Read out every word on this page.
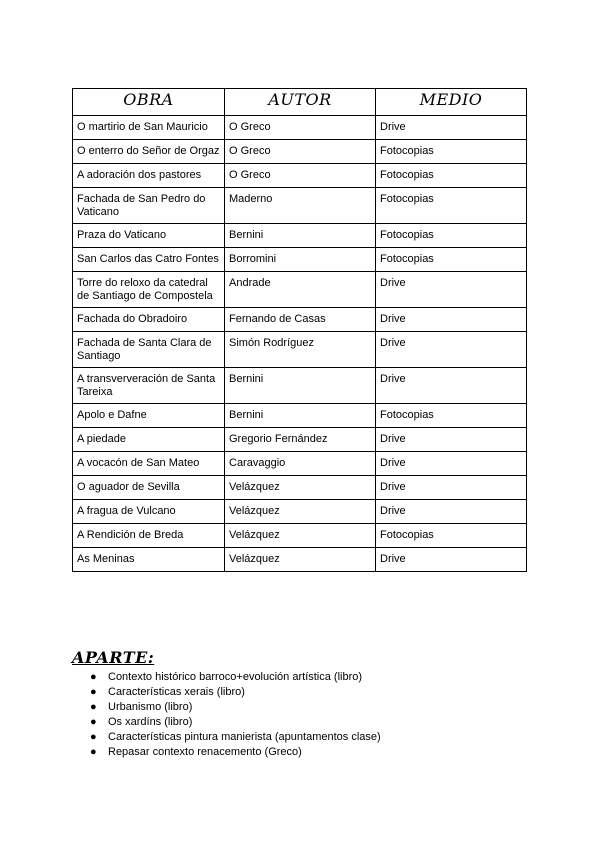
OBRA	AUTOR	MEDIO
O martirio de San Mauricio	O Greco	Drive
O enterro do Señor de Orgaz	O Greco	Fotocopias
A adoración dos pastores	O Greco	Fotocopias
Fachada de San Pedro do Vaticano	Maderno	Fotocopias
Praza do Vaticano	Bernini	Fotocopias
San Carlos das Catro Fontes	Borromini	Fotocopias
Torre do reloxo da catedral de Santiago de Compostela	Andrade	Drive
Fachada do Obradoiro	Fernando de Casas	Drive
Fachada de Santa Clara de Santiago	Simón Rodríguez	Drive
A transververación de Santa Tareixa	Bernini	Drive
Apolo e Dafne	Bernini	Fotocopias
A piedade	Gregorio Fernández	Drive
A vocacón de San Mateo	Caravaggio	Drive
O aguador de Sevilla	Velázquez	Drive
A fragua de Vulcano	Velázquez	Drive
A Rendición de Breda	Velázquez	Fotocopias
As Meninas	Velázquez	Drive
APARTE:
● Contexto histórico barroco+evolución artística (libro)
● Características xerais (libro)
● Urbanismo (libro)
● Os xardíns (libro)
● Características pintura manierista (apuntamentos clase)
● Repasar contexto renacemento (Greco)
